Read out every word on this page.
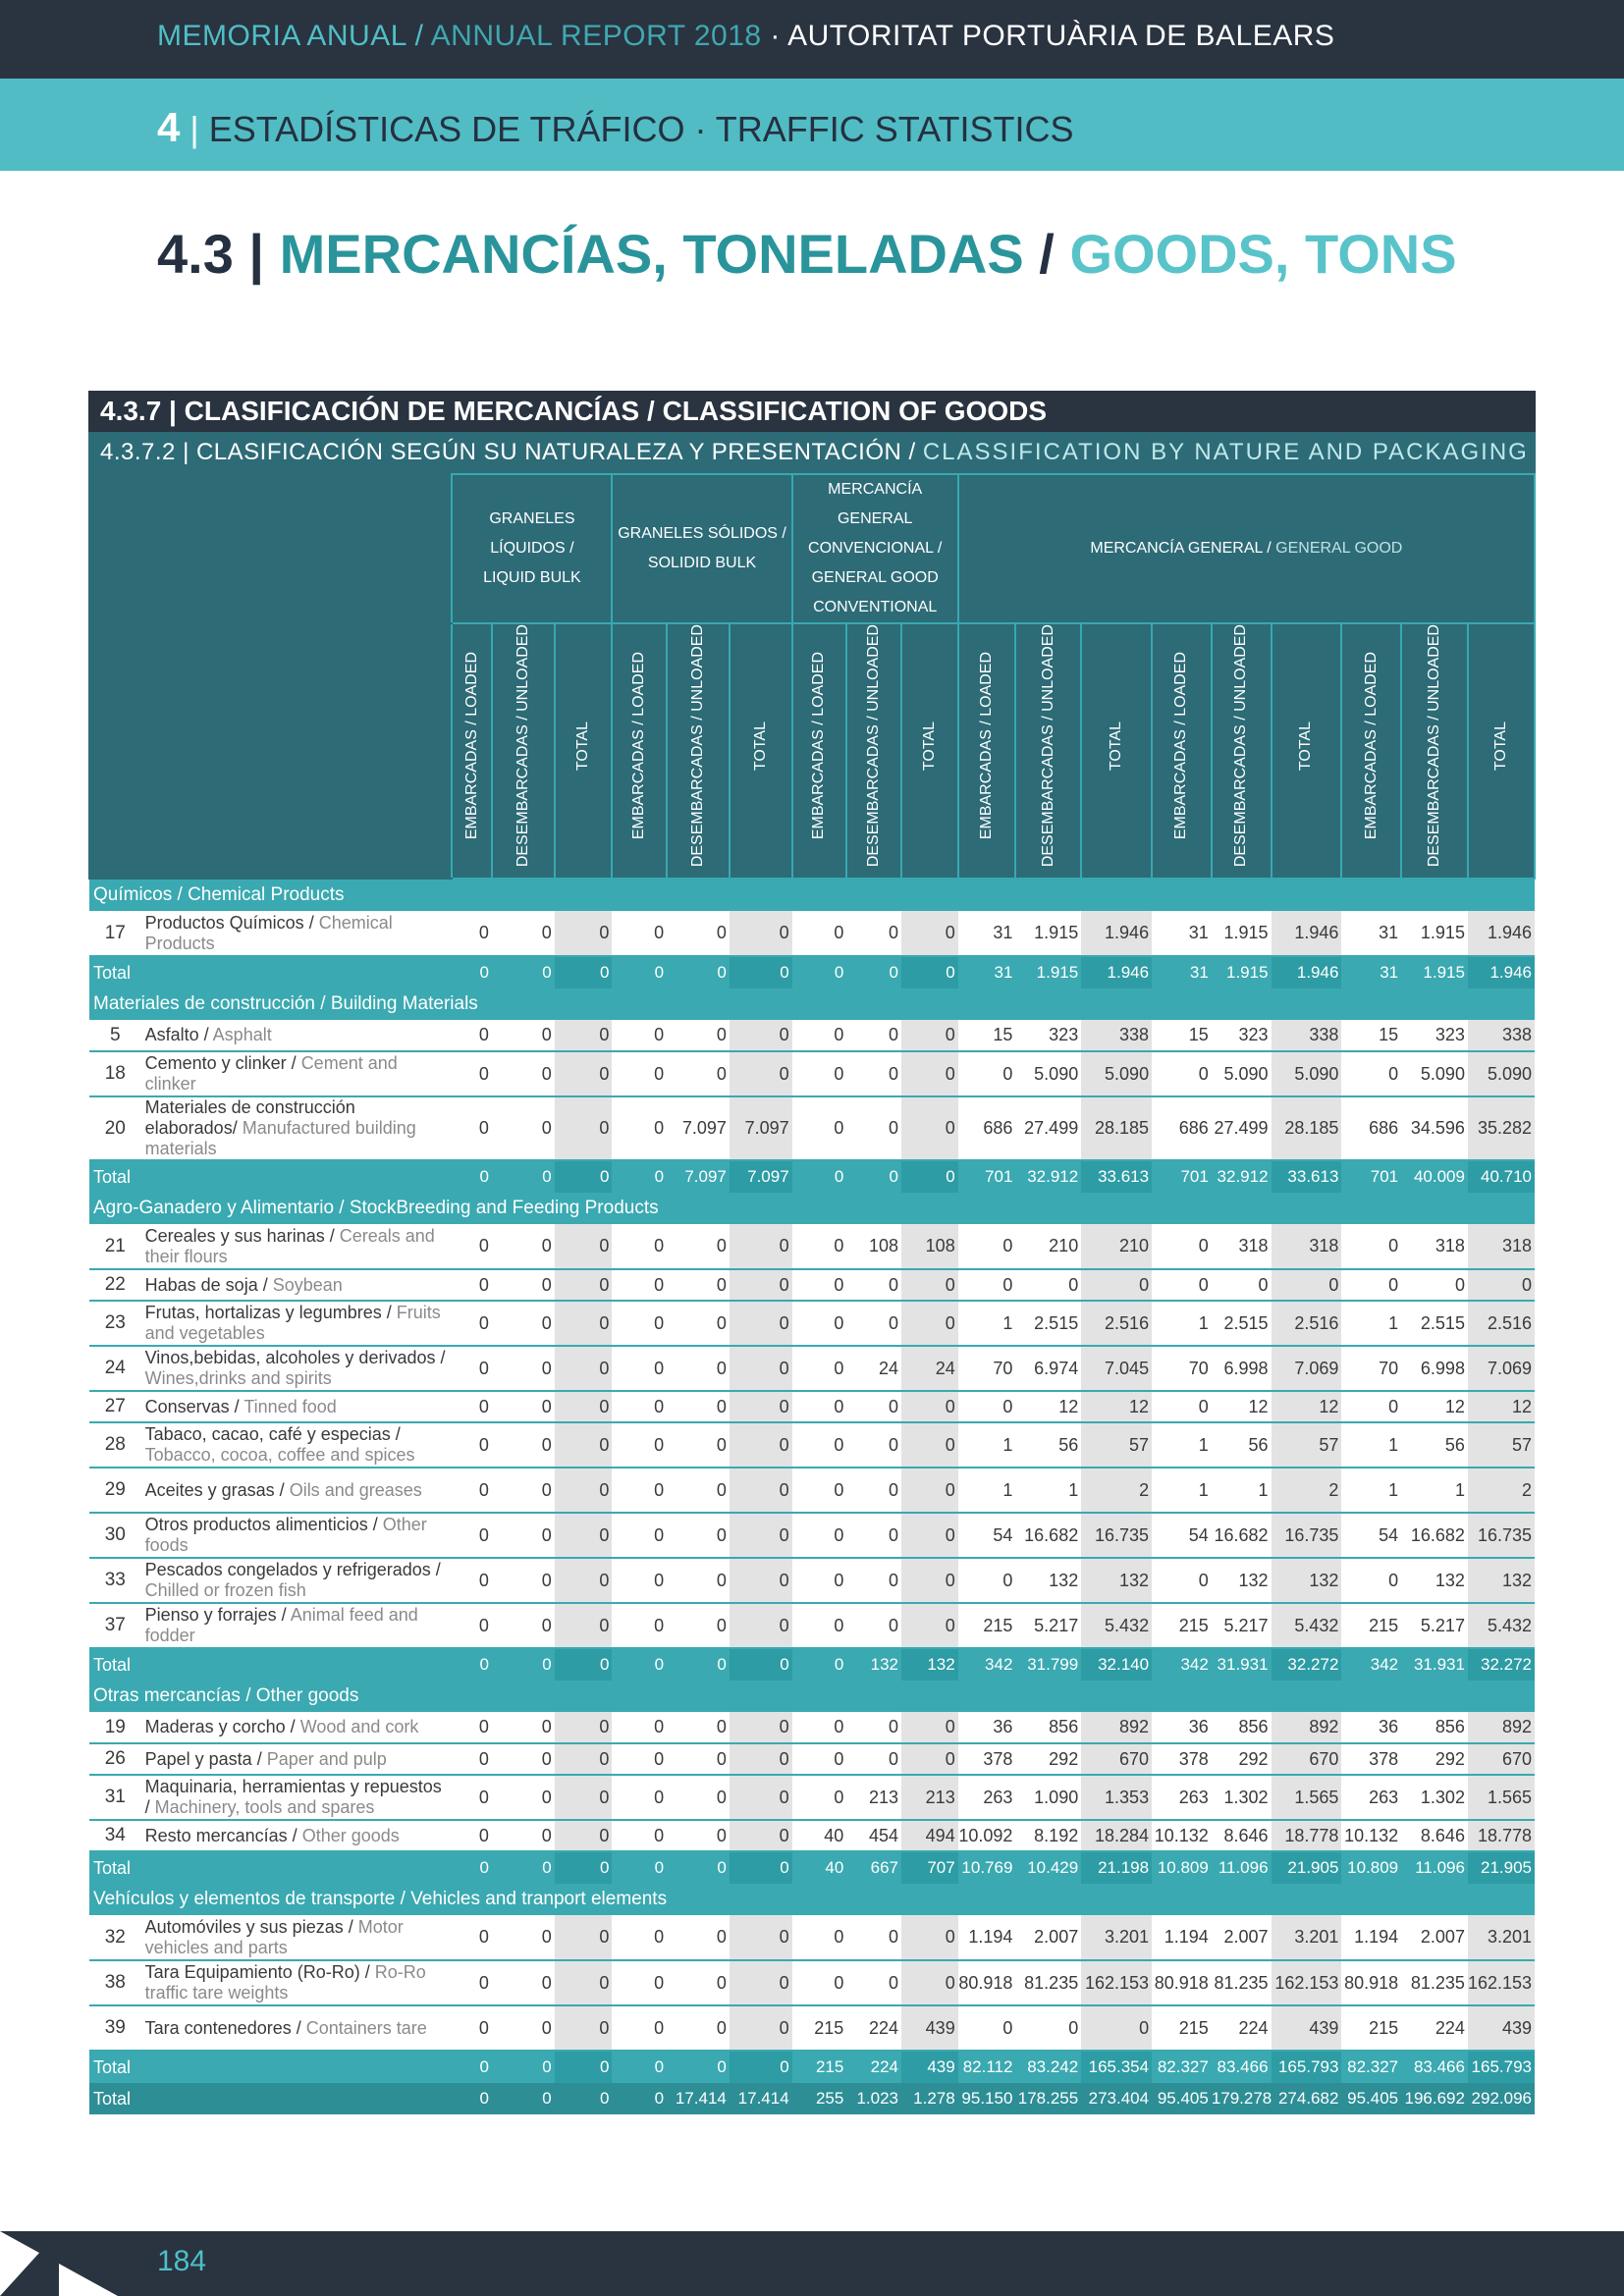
MEMORIA ANUAL / ANNUAL REPORT 2018 · AUTORITAT PORTUÀRIA DE BALEARS
4 | ESTADÍSTICAS DE TRÁFICO · TRAFFIC STATISTICS
4.3 | MERCANCÍAS, TONELADAS / GOODS, TONS
4.3.7 | CLASIFICACIÓN DE MERCANCÍAS / CLASSIFICATION OF GOODS
4.3.7.2 | CLASIFICACIÓN SEGÚN SU NATURALEZA Y PRESENTACIÓN / CLASSIFICATION BY NATURE AND PACKAGING
		GRANELES LÍQUIDOS /
LIQUID BULK			GRANELES SÓLIDOS /
SOLIDID BULK			MERCANCÍA GENERAL CONVENCIONAL /
GENERAL GOOD CONVENTIONAL			MERCANCÍA GENERAL / GENERAL GOOD								
		EMBARCADAS / LOADED	DESEMBARCADAS / UNLOADED	TOTAL	EMBARCADAS / LOADED	DESEMBARCADAS / UNLOADED	TOTAL	EMBARCADAS / LOADED	DESEMBARCADAS / UNLOADED	TOTAL	EMBARCADAS / LOADED	DESEMBARCADAS / UNLOADED	TOTAL	EMBARCADAS / LOADED	DESEMBARCADAS / UNLOADED	TOTAL	EMBARCADAS / LOADED	DESEMBARCADAS / UNLOADED	TOTAL
Químicos / Chemical Products																			
17	Productos Químicos / Chemical Products	0	0	0	0	0	0	0	0	0	31	1.915	1.946	31	1.915	1.946	31	1.915	1.946
Total		0	0	0	0	0	0	0	0	0	31	1.915	1.946	31	1.915	1.946	31	1.915	1.946
Materiales de construcción / Building Materials																			
5	Asfalto / Asphalt	0	0	0	0	0	0	0	0	0	15	323	338	15	323	338	15	323	338
18	Cemento y clinker / Cement and clinker	0	0	0	0	0	0	0	0	0	0	5.090	5.090	0	5.090	5.090	0	5.090	5.090
20	Materiales de construcción elaborados/ Manufactured building materials	0	0	0	0	7.097	7.097	0	0	0	686	27.499	28.185	686	27.499	28.185	686	34.596	35.282
Total		0	0	0	0	7.097	7.097	0	0	0	701	32.912	33.613	701	32.912	33.613	701	40.009	40.710
Agro-Ganadero y Alimentario / StockBreeding and Feeding Products																			
21	Cereales y sus harinas / Cereals and their flours	0	0	0	0	0	0	0	108	108	0	210	210	0	318	318	0	318	318
22	Habas de soja / Soybean	0	0	0	0	0	0	0	0	0	0	0	0	0	0	0	0	0	0
23	Frutas, hortalizas y legumbres / Fruits and vegetables	0	0	0	0	0	0	0	0	0	1	2.515	2.516	1	2.515	2.516	1	2.515	2.516
24	Vinos,bebidas, alcoholes y derivados / Wines,drinks and spirits	0	0	0	0	0	0	0	24	24	70	6.974	7.045	70	6.998	7.069	70	6.998	7.069
27	Conservas / Tinned food	0	0	0	0	0	0	0	0	0	0	12	12	0	12	12	0	12	12
28	Tabaco, cacao, café y especias / Tobacco, cocoa, coffee and spices	0	0	0	0	0	0	0	0	0	1	56	57	1	56	57	1	56	57
29	Aceites y grasas / Oils and greases	0	0	0	0	0	0	0	0	0	1	1	2	1	1	2	1	1	2
30	Otros productos alimenticios / Other foods	0	0	0	0	0	0	0	0	0	54	16.682	16.735	54	16.682	16.735	54	16.682	16.735
33	Pescados congelados y refrigerados / Chilled or frozen fish	0	0	0	0	0	0	0	0	0	0	132	132	0	132	132	0	132	132
37	Pienso y forrajes / Animal feed and fodder	0	0	0	0	0	0	0	0	0	215	5.217	5.432	215	5.217	5.432	215	5.217	5.432
Total		0	0	0	0	0	0	0	132	132	342	31.799	32.140	342	31.931	32.272	342	31.931	32.272
Otras mercancías / Other goods																			
19	Maderas y corcho / Wood and cork	0	0	0	0	0	0	0	0	0	36	856	892	36	856	892	36	856	892
26	Papel y pasta / Paper and pulp	0	0	0	0	0	0	0	0	0	378	292	670	378	292	670	378	292	670
31	Maquinaria, herramientas y repuestos / Machinery, tools and spares	0	0	0	0	0	0	0	213	213	263	1.090	1.353	263	1.302	1.565	263	1.302	1.565
34	Resto mercancías / Other goods	0	0	0	0	0	0	40	454	494	10.092	8.192	18.284	10.132	8.646	18.778	10.132	8.646	18.778
Total		0	0	0	0	0	0	40	667	707	10.769	10.429	21.198	10.809	11.096	21.905	10.809	11.096	21.905
Vehículos y elementos de transporte / Vehicles and tranport elements																			
32	Automóviles y sus piezas / Motor vehicles and parts	0	0	0	0	0	0	0	0	0	1.194	2.007	3.201	1.194	2.007	3.201	1.194	2.007	3.201
38	Tara Equipamiento (Ro-Ro) / Ro-Ro traffic tare weights	0	0	0	0	0	0	0	0	0	80.918	81.235	162.153	80.918	81.235	162.153	80.918	81.235	162.153
39	Tara contenedores / Containers tare	0	0	0	0	0	0	215	224	439	0	0	0	215	224	439	215	224	439
Total		0	0	0	0	0	0	215	224	439	82.112	83.242	165.354	82.327	83.466	165.793	82.327	83.466	165.793
Total		0	0	0	0	17.414	17.414	255	1.023	1.278	95.150	178.255	273.404	95.405	179.278	274.682	95.405	196.692	292.096
184
